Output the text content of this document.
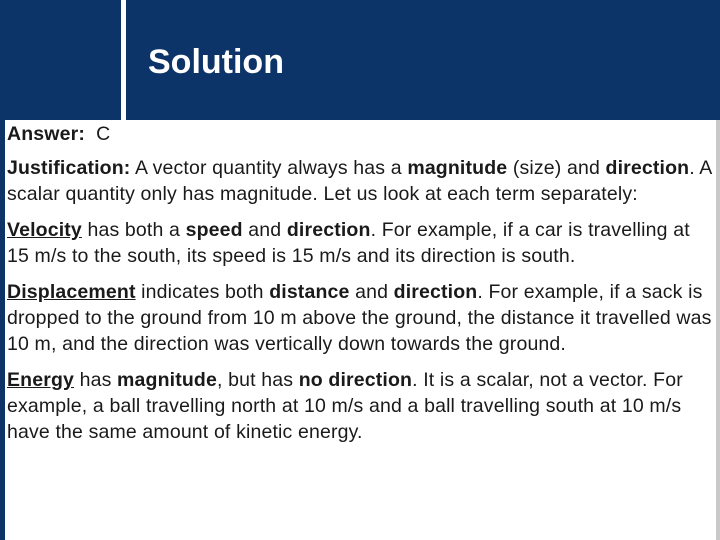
Solution

Answer: C

Justification: A vector quantity always has a magnitude (size) and direction. A scalar quantity only has magnitude. Let us look at each term separately:

Velocity has both a speed and direction. For example, if a car is travelling at 15 m/s to the south, its speed is 15 m/s and its direction is south.

Displacement indicates both distance and direction. For example, if a sack is dropped to the ground from 10 m above the ground, the distance it travelled was 10 m, and the direction was vertically down towards the ground.

Energy has magnitude, but has no direction. It is a scalar, not a vector. For example, a ball travelling north at 10 m/s and a ball travelling south at 10 m/s have the same amount of kinetic energy.
